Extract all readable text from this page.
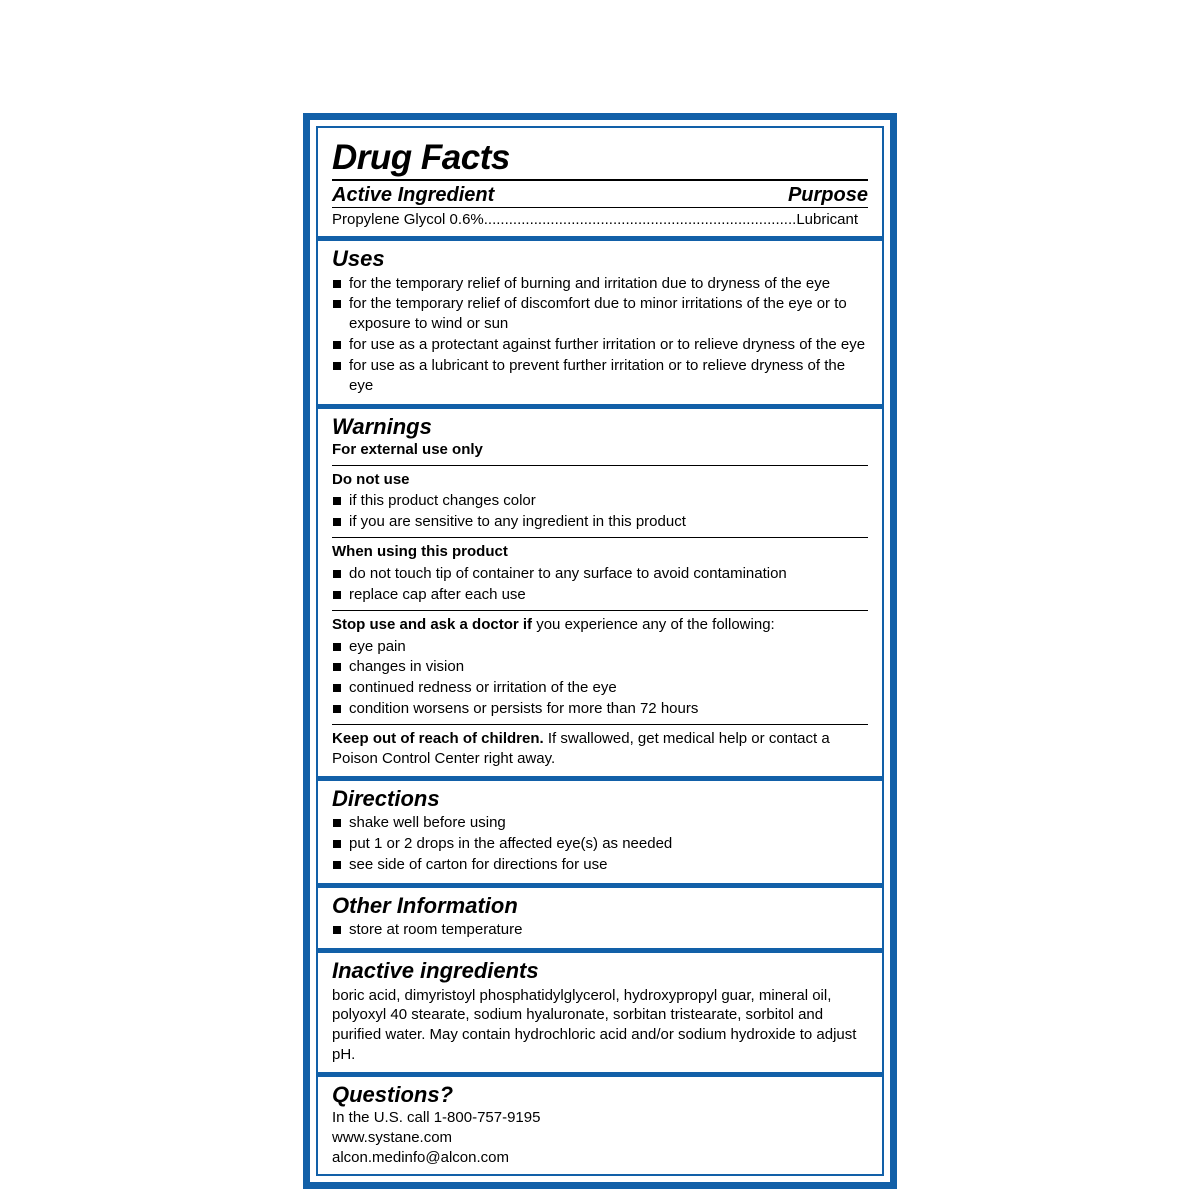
Drug Facts
Active Ingredient	Purpose
Propylene Glycol 0.6%...........................................................................Lubricant
Uses
for the temporary relief of burning and irritation due to dryness of the eye
for the temporary relief of discomfort due to minor irritations of the eye or to exposure to wind or sun
for use as a protectant against further irritation or to relieve dryness of the eye
for use as a lubricant to prevent further irritation or to relieve dryness of the eye
Warnings
For external use only
Do not use
if this product changes color
if you are sensitive to any ingredient in this product
When using this product
do not touch tip of container to any surface to avoid contamination
replace cap after each use
Stop use and ask a doctor if you experience any of the following:
eye pain
changes in vision
continued redness or irritation of the eye
condition worsens or persists for more than 72 hours
Keep out of reach of children. If swallowed, get medical help or contact a Poison Control Center right away.
Directions
shake well before using
put 1 or 2 drops in the affected eye(s) as needed
see side of carton for directions for use
Other Information
store at room temperature
Inactive ingredients
boric acid, dimyristoyl phosphatidylglycerol, hydroxypropyl guar, mineral oil, polyoxyl 40 stearate, sodium hyaluronate, sorbitan tristearate, sorbitol and purified water. May contain hydrochloric acid and/or sodium hydroxide to adjust pH.
Questions?
In the U.S. call 1-800-757-9195
www.systane.com
alcon.medinfo@alcon.com
